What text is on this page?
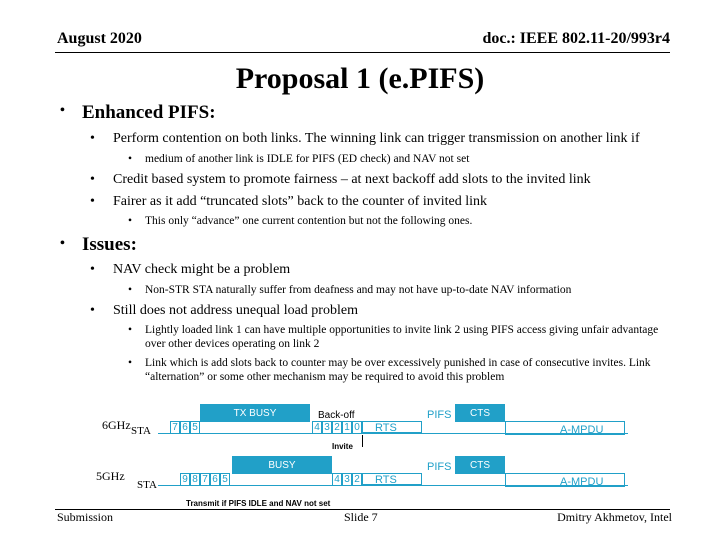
August 2020	doc.: IEEE 802.11-20/993r4
Proposal 1 (e.PIFS)
• Enhanced PIFS:
• Perform contention on both links. The winning link can trigger transmission on another link if
• medium of another link is IDLE for PIFS (ED check) and NAV not set
• Credit based system to promote fairness – at next backoff add slots to the invited link
• Fairer as it add “truncated slots” back to the counter of invited link
• This only “advance” one current contention but not the following ones.
• Issues:
• NAV check might be a problem
• Non-STR STA naturally suffer from deafness and may not have up-to-date NAV information
• Still does not address unequal load problem
• Lightly loaded link 1 can have multiple opportunities to invite link 2 using PIFS access giving unfair advantage
over other devices operating on link 2
• Link which is add slots back to counter may be over excessively punished in case of consecutive invites. Link
“alternation” or some other mechanism may be required to avoid this problem
6GHz STA
TX BUSY
7 6 5
Back-off
4 3 2 1 0 RTS
PIFS	CTS
A-MPDU
Invite
5GHz
STA
BUSY
9 8 7 6 5	4 3 2 RTS
PIFS	CTS
A-MPDU
Transmit if PIFS IDLE and NAV not set
Submission	Slide 7	Dmitry Akhmetov, Intel
